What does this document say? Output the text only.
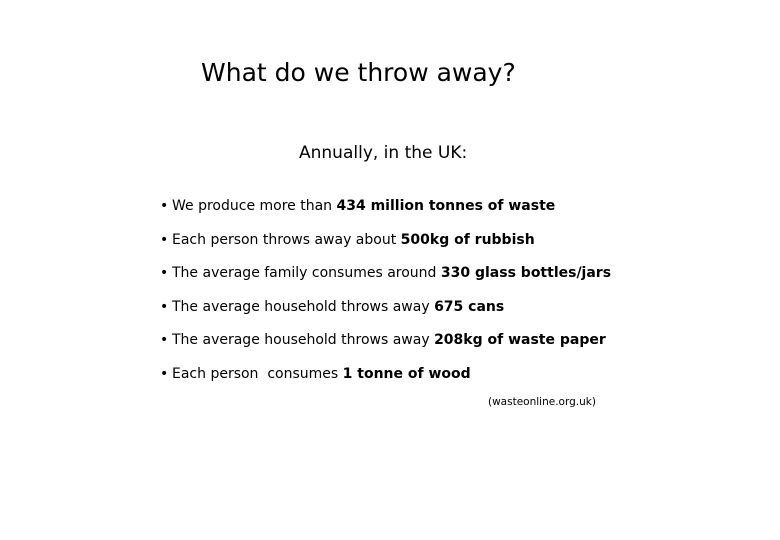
What do we throw away?

Annually, in the UK:

• We produce more than 434 million tonnes of waste
• Each person throws away about 500kg of rubbish
• The average family consumes around 330 glass bottles/jars
• The average household throws away 675 cans
• The average household throws away 208kg of waste paper
• Each person  consumes 1 tonne of wood
(wasteonline.org.uk)
